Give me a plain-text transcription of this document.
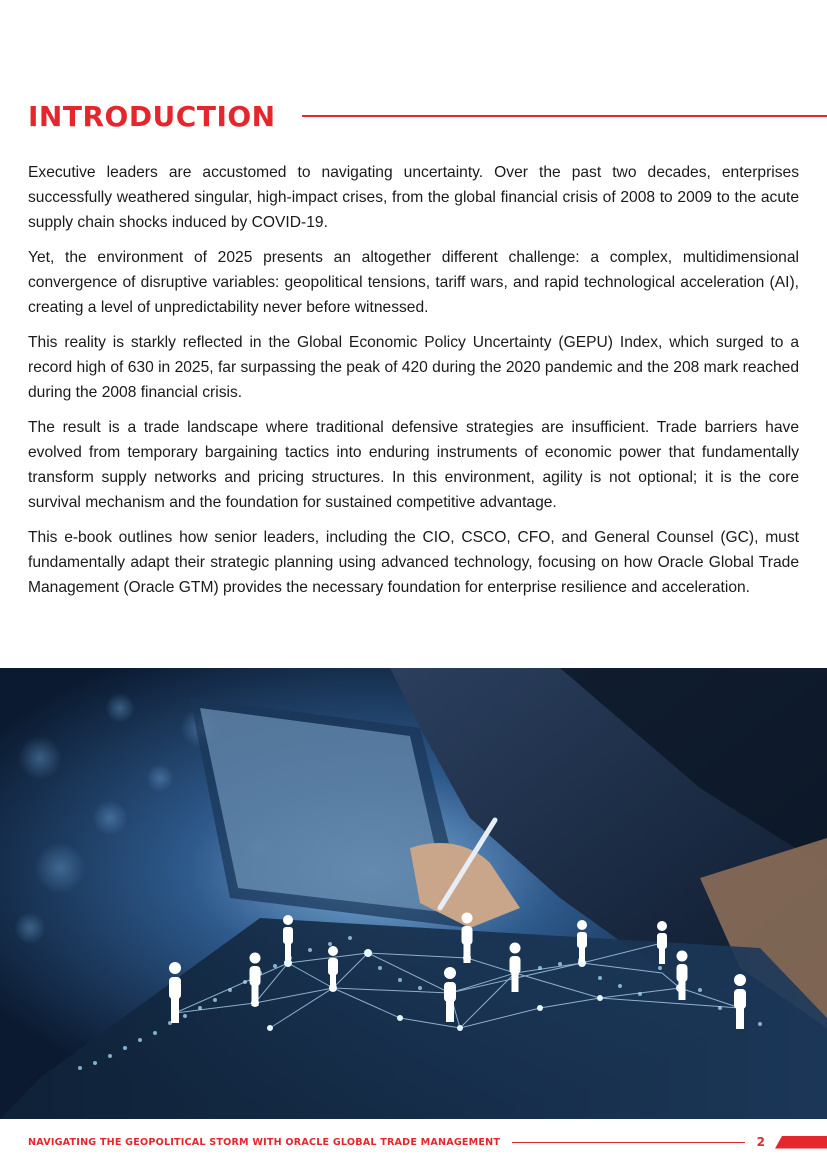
INTRODUCTION

Executive leaders are accustomed to navigating uncertainty. Over the past two decades, enterprises successfully weathered singular, high-impact crises, from the global financial crisis of 2008 to 2009 to the acute supply chain shocks induced by COVID-19.

Yet, the environment of 2025 presents an altogether different challenge: a complex, multidimensional convergence of disruptive variables: geopolitical tensions, tariff wars, and rapid technological acceleration (AI), creating a level of unpredictability never before witnessed.

This reality is starkly reflected in the Global Economic Policy Uncertainty (GEPU) Index, which surged to a record high of 630 in 2025, far surpassing the peak of 420 during the 2020 pandemic and the 208 mark reached during the 2008 financial crisis.

The result is a trade landscape where traditional defensive strategies are insufficient. Trade barriers have evolved from temporary bargaining tactics into enduring instruments of economic power that fundamentally transform supply networks and pricing structures. In this environment, agility is not optional; it is the core survival mechanism and the foundation for sustained competitive advantage.

This e-book outlines how senior leaders, including the CIO, CSCO, CFO, and General Counsel (GC), must fundamentally adapt their strategic planning using advanced technology, focusing on how Oracle Global Trade Management (Oracle GTM) provides the necessary foundation for enterprise resilience and acceleration.

NAVIGATING THE GEOPOLITICAL STORM WITH ORACLE GLOBAL TRADE MANAGEMENT	2
